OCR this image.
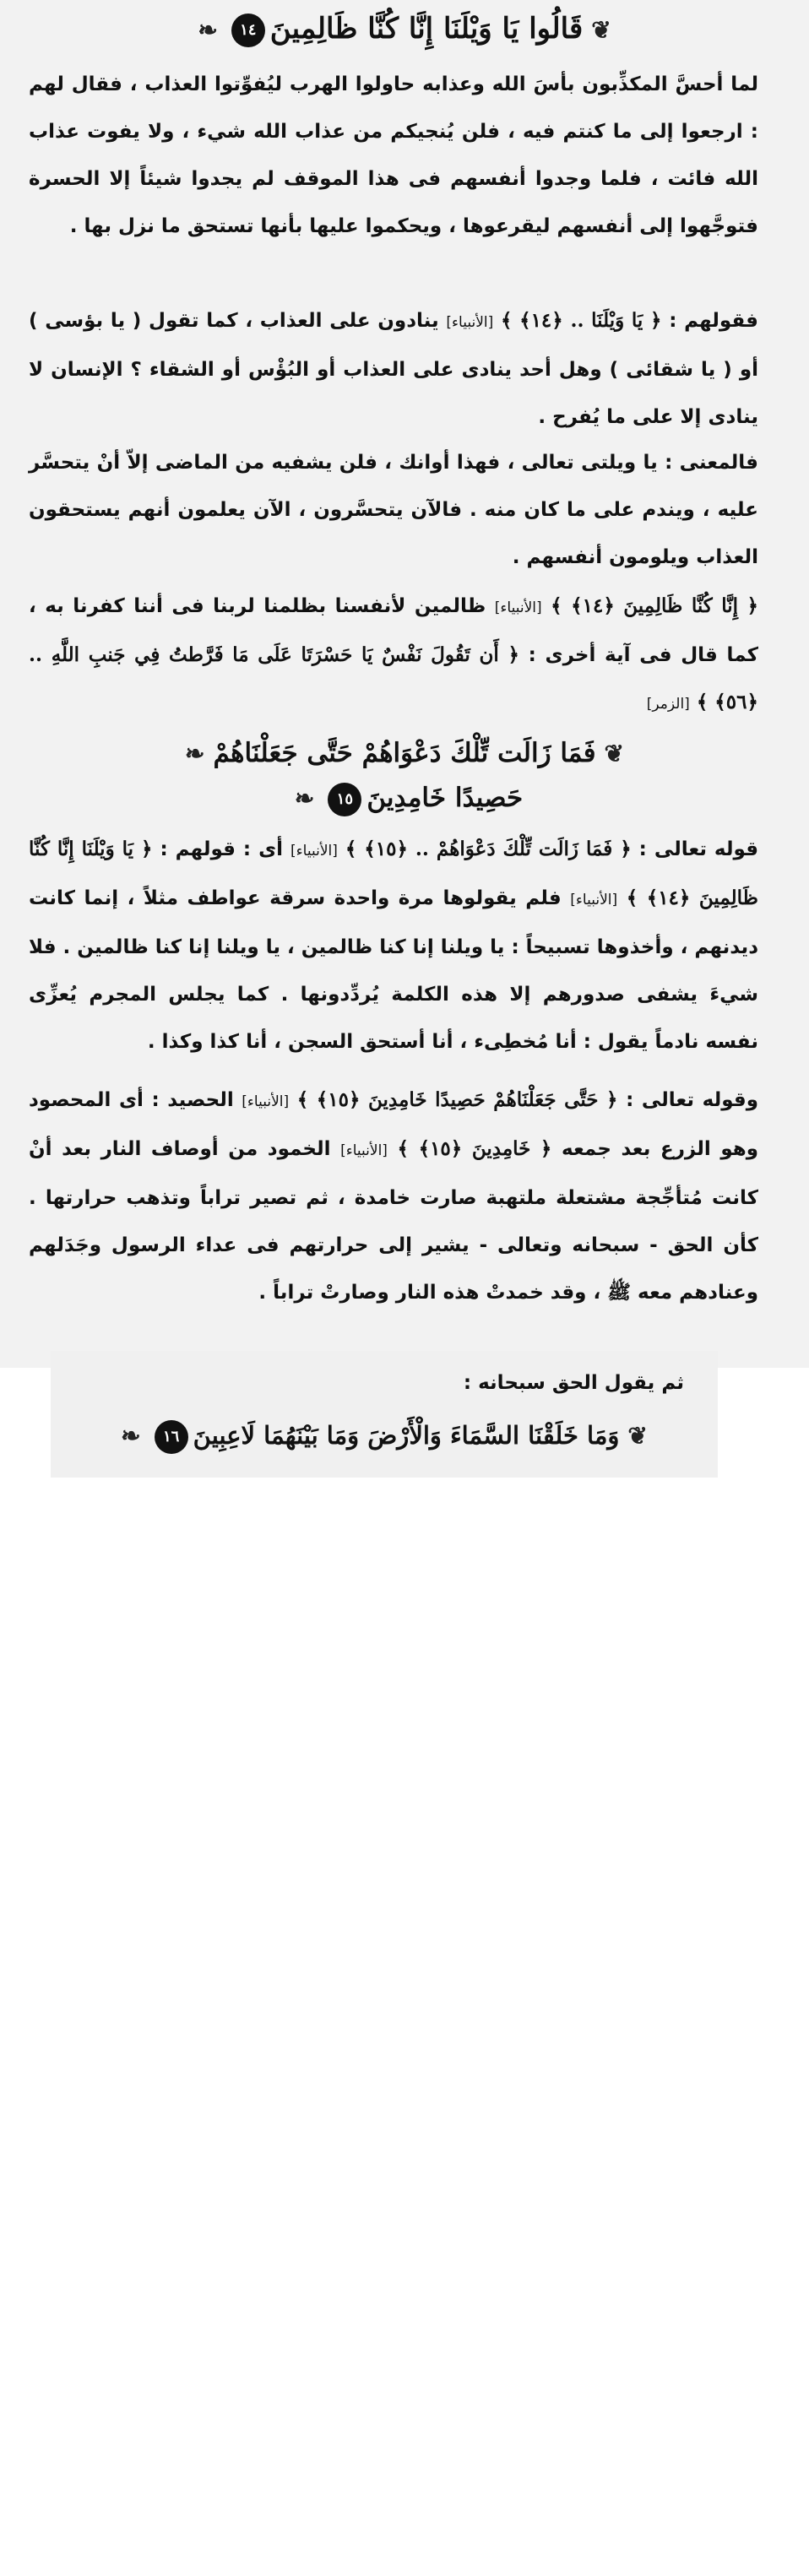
❦قَالُوا يَا وَيْلَنَا إِنَّا كُنَّا ظَالِمِينَ١٤❧

لما أحسَّ المكذِّبون بأسَ الله وعذابه حاولوا الهرب ليُفوِّتوا العذاب ، فقال لهم : ارجعوا إلى ما كنتم فيه ، فلن يُنجيكم من عذاب الله شيء ، ولا يفوت عذاب الله فائت ، فلما وجدوا أنفسهم فى هذا الموقف لم يجدوا شيئاً إلا الحسرة فتوجَّهوا إلى أنفسهم ليقرعوها ، ويحكموا عليها بأنها تستحق ما نزل بها .

فقولهم : ﴿ يَا وَيْلَنَا .. ﴿١٤﴾ ﴾ [الأنبياء] ينادون على العذاب ، كما تقول ( يا بؤسى ) أو ( يا شقائى ) وهل أحد ينادى على العذاب أو البُؤْس أو الشقاء ؟ الإنسان لا ينادى إلا على ما يُفرح .

فالمعنى : يا ويلتى تعالى ، فهذا أوانك ، فلن يشفيه من الماضى إلاّ أنْ يتحسَّر عليه ، ويندم على ما كان منه . فالآن يتحسَّرون ، الآن يعلمون أنهم يستحقون العذاب ويلومون أنفسهم .

﴿ إِنَّا كُنَّا ظَالِمِينَ ﴿١٤﴾ ﴾ [الأنبياء] ظالمين لأنفسنا بظلمنا لربنا فى أننا كفرنا به ، كما قال فى آية أخرى : ﴿ أَن تَقُولَ نَفْسٌ يَا حَسْرَتَا عَلَى مَا فَرَّطتُ فِي جَنبِ اللَّهِ .. ﴿٥٦﴾ ﴾ [الزمر]

❦فَمَا زَالَت تِّلْكَ دَعْوَاهُمْ حَتَّى جَعَلْنَاهُمْ❧
حَصِيدًا خَامِدِينَ١٥❧

قوله تعالى : ﴿ فَمَا زَالَت تِّلْكَ دَعْوَاهُمْ .. ﴿١٥﴾ ﴾ [الأنبياء] أى : قولهم : ﴿ يَا وَيْلَنَا إِنَّا كُنَّا ظَالِمِينَ ﴿١٤﴾ ﴾ [الأنبياء] فلم يقولوها مرة واحدة سرقة عواطف مثلاً ، إنما كانت ديدنهم ، وأخذوها تسبيحاً : يا ويلنا إنا كنا ظالمين ، يا ويلنا إنا كنا ظالمين . فلا شيءَ يشفى صدورهم إلا هذه الكلمة يُردِّدونها . كما يجلس المجرم يُعزِّى نفسه نادماً يقول : أنا مُخطِىء ، أنا أستحق السجن ، أنا كذا وكذا .

وقوله تعالى : ﴿ حَتَّى جَعَلْنَاهُمْ حَصِيدًا خَامِدِينَ ﴿١٥﴾ ﴾ [الأنبياء] الحصيد : أى المحصود وهو الزرع بعد جمعه ﴿ خَامِدِينَ ﴿١٥﴾ ﴾ [الأنبياء] الخمود من أوصاف النار بعد أنْ كانت مُتأجِّجة مشتعلة ملتهبة صارت خامدة ، ثم تصير تراباً وتذهب حرارتها . كأن الحق - سبحانه وتعالى - يشير إلى حرارتهم فى عداء الرسول وجَدَلهم وعنادهم معه ﷺ ، وقد خمدتْ هذه النار وصارتْ تراباً .

ثم يقول الحق سبحانه :

❦وَمَا خَلَقْنَا السَّمَاءَ وَالْأَرْضَ وَمَا بَيْنَهُمَا لَاعِبِينَ١٦❧
